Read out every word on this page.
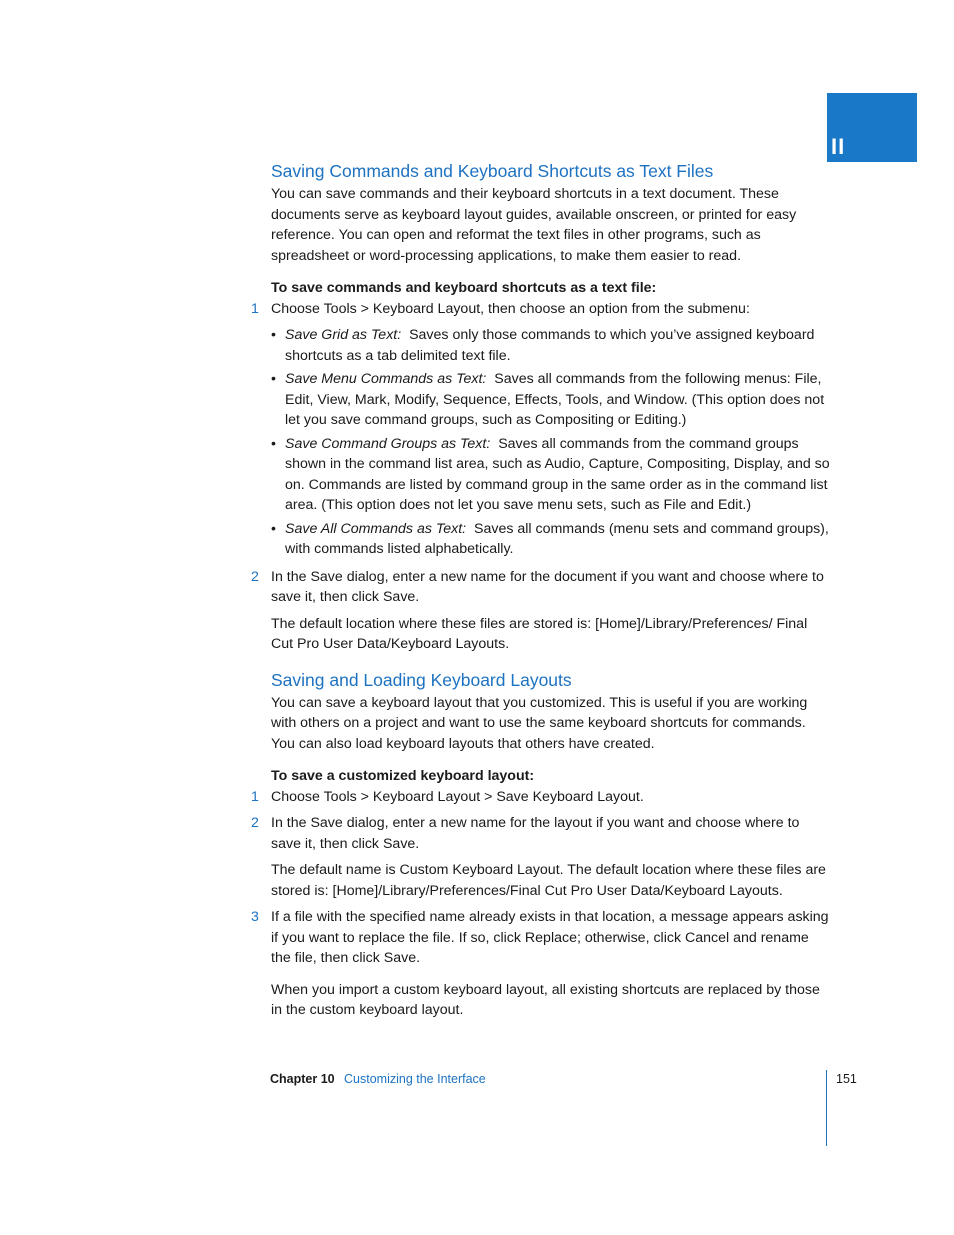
II
Saving Commands and Keyboard Shortcuts as Text Files

You can save commands and their keyboard shortcuts in a text document. These documents serve as keyboard layout guides, available onscreen, or printed for easy reference. You can open and reformat the text files in other programs, such as spreadsheet or word-processing applications, to make them easier to read.

To save commands and keyboard shortcuts as a text file:

1 Choose Tools > Keyboard Layout, then choose an option from the submenu:

• Save Grid as Text: Saves only those commands to which you’ve assigned keyboard shortcuts as a tab delimited text file.
• Save Menu Commands as Text: Saves all commands from the following menus: File, Edit, View, Mark, Modify, Sequence, Effects, Tools, and Window. (This option does not let you save command groups, such as Compositing or Editing.)
• Save Command Groups as Text: Saves all commands from the command groups shown in the command list area, such as Audio, Capture, Compositing, Display, and so on. Commands are listed by command group in the same order as in the command list area. (This option does not let you save menu sets, such as File and Edit.)
• Save All Commands as Text: Saves all commands (menu sets and command groups), with commands listed alphabetically.
2 In the Save dialog, enter a new name for the document if you want and choose where to save it, then click Save.

The default location where these files are stored is: [Home]/Library/Preferences/ Final Cut Pro User Data/Keyboard Layouts.

Saving and Loading Keyboard Layouts

You can save a keyboard layout that you customized. This is useful if you are working with others on a project and want to use the same keyboard shortcuts for commands. You can also load keyboard layouts that others have created.

To save a customized keyboard layout:

1 Choose Tools > Keyboard Layout > Save Keyboard Layout.

2 In the Save dialog, enter a new name for the layout if you want and choose where to save it, then click Save.

The default name is Custom Keyboard Layout. The default location where these files are stored is: [Home]/Library/Preferences/Final Cut Pro User Data/Keyboard Layouts.

3 If a file with the specified name already exists in that location, a message appears asking if you want to replace the file. If so, click Replace; otherwise, click Cancel and rename the file, then click Save.

When you import a custom keyboard layout, all existing shortcuts are replaced by those in the custom keyboard layout.

Chapter 10 Customizing the Interface	151
